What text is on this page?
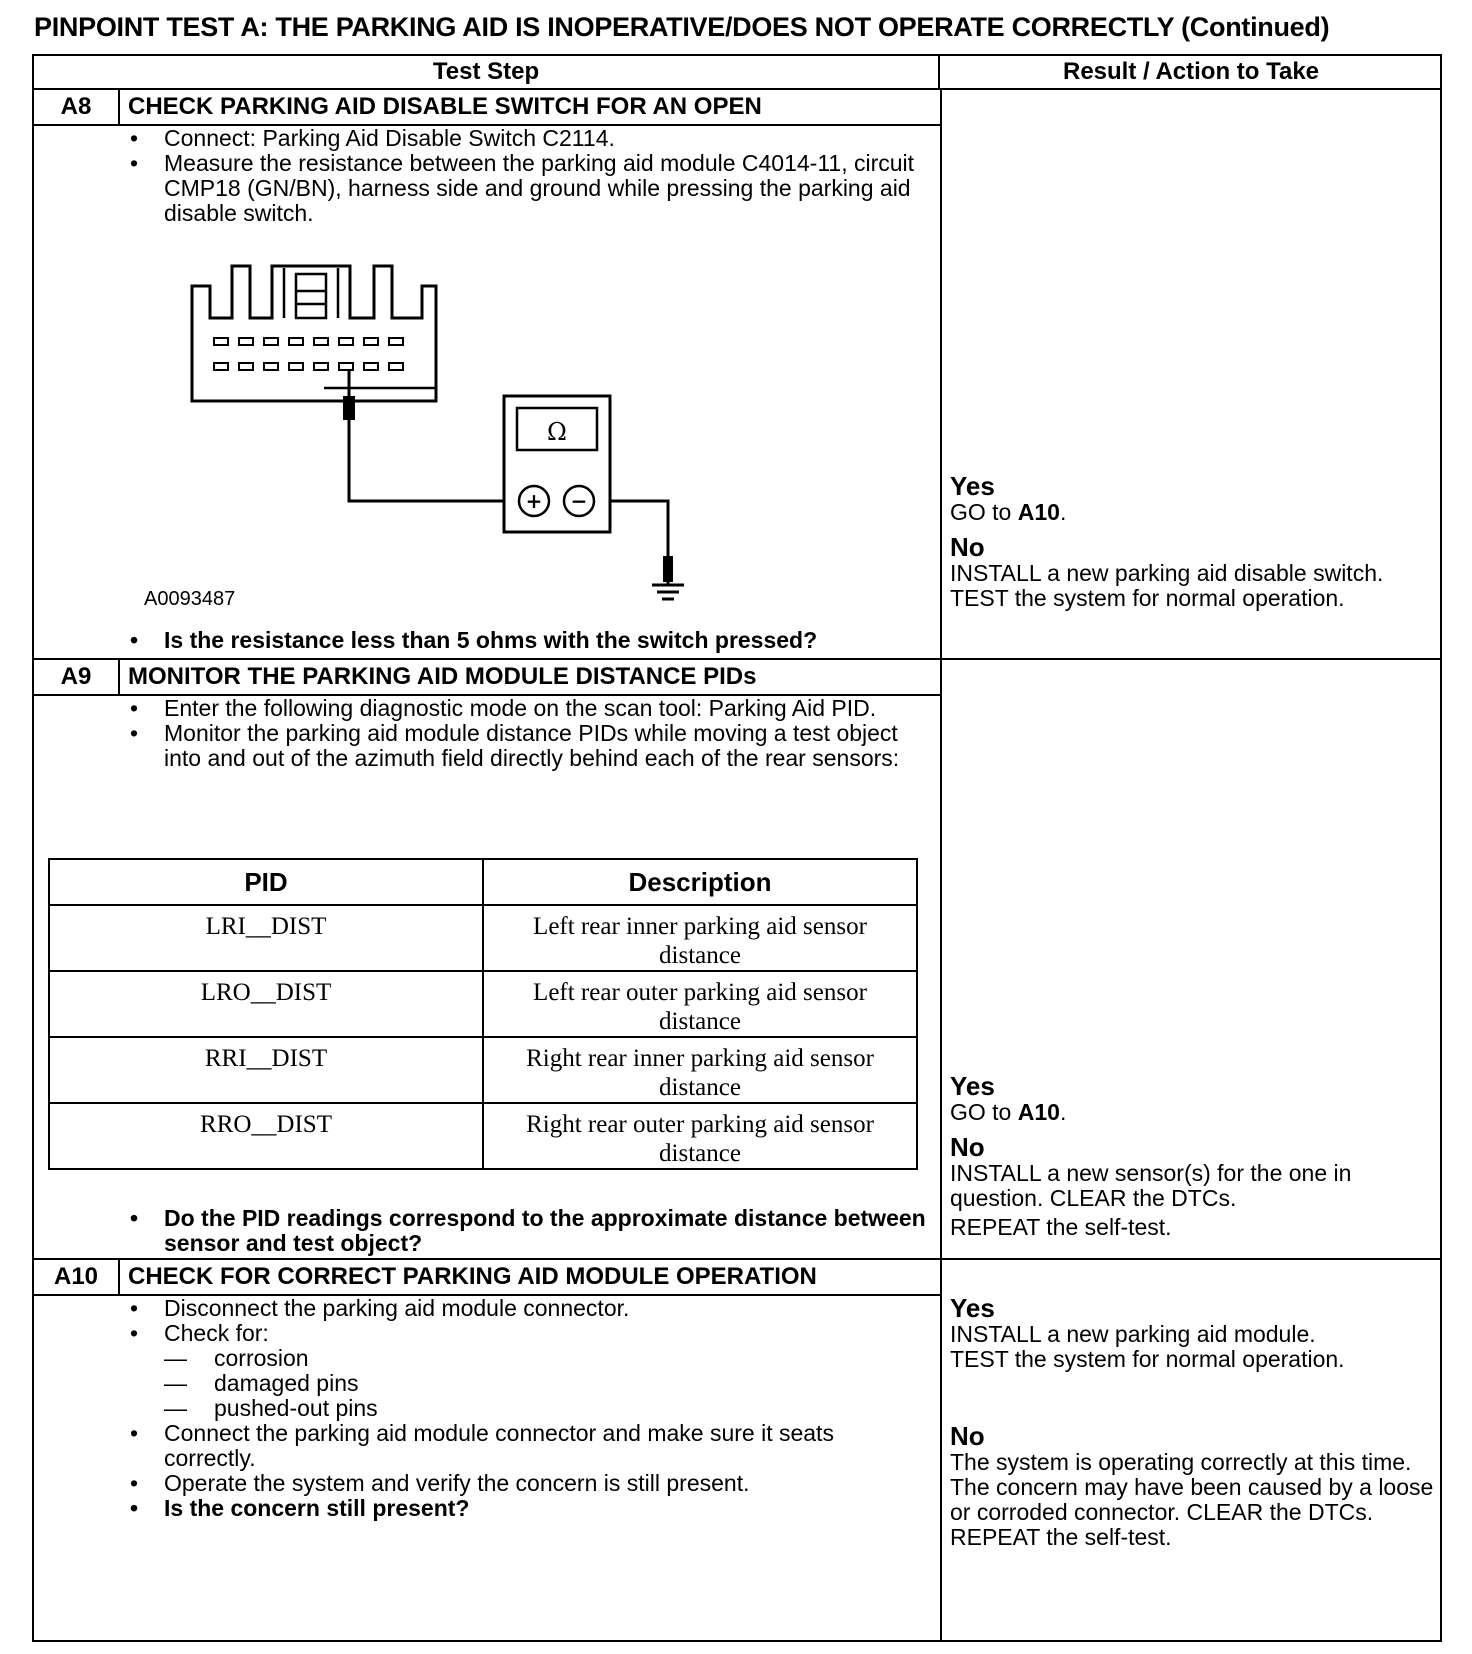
PINPOINT TEST A: THE PARKING AID IS INOPERATIVE/DOES NOT OPERATE CORRECTLY (Continued)
Test Step	Result / Action to Take
A8	CHECK PARKING AID DISABLE SWITCH FOR AN OPEN
• Connect: Parking Aid Disable Switch C2114.
• Measure the resistance between the parking aid module C4014-11, circuit CMP18 (GN/BN), harness side and ground while pressing the parking aid disable switch.
Ω
+ −
A0093487
• Is the resistance less than 5 ohms with the switch pressed?
Yes
GO to A10.
No
INSTALL a new parking aid disable switch.
TEST the system for normal operation.
A9	MONITOR THE PARKING AID MODULE DISTANCE PIDs
• Enter the following diagnostic mode on the scan tool: Parking Aid PID.
• Monitor the parking aid module distance PIDs while moving a test object into and out of the azimuth field directly behind each of the rear sensors:
PID	Description
LRI__DIST	Left rear inner parking aid sensor distance
LRO__DIST	Left rear outer parking aid sensor distance
RRI__DIST	Right rear inner parking aid sensor distance
RRO__DIST	Right rear outer parking aid sensor distance
• Do the PID readings correspond to the approximate distance between sensor and test object?
Yes
GO to A10.
No
INSTALL a new sensor(s) for the one in question. CLEAR the DTCs.
REPEAT the self-test.
A10	CHECK FOR CORRECT PARKING AID MODULE OPERATION
• Disconnect the parking aid module connector.
• Check for:
— corrosion
— damaged pins
— pushed-out pins
• Connect the parking aid module connector and make sure it seats correctly.
• Operate the system and verify the concern is still present.
• Is the concern still present?
Yes
INSTALL a new parking aid module.
TEST the system for normal operation.
No
The system is operating correctly at this time. The concern may have been caused by a loose or corroded connector. CLEAR the DTCs. REPEAT the self-test.
